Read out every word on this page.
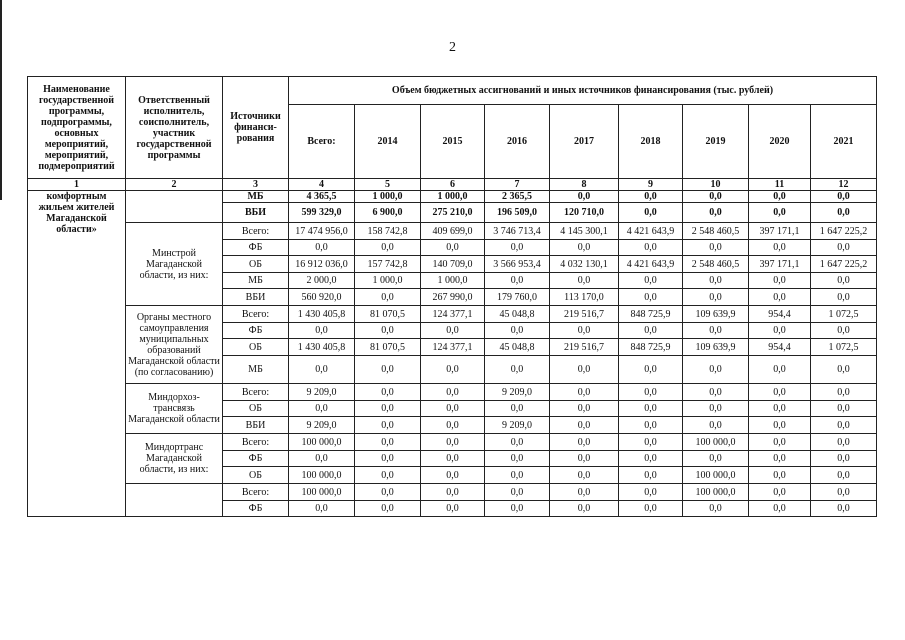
2
Наименование государственной программы, подпрограммы, основных мероприятий, мероприятий, подмероприятий	Ответственный исполнитель, соисполнитель, участник государственной программы	Источники финанси-рования	Объем бюджетных ассигнований и иных источников финансирования (тыс. рублей)								
			Всего:	2014	2015	2016	2017	2018	2019	2020	2021
1	2	3	4	5	6	7	8	9	10	11	12
комфортным жильем жителей Магаданской области»		МБ	4 365,5	1 000,0	1 000,0	2 365,5	0,0	0,0	0,0	0,0	0,0
		ВБИ	599 329,0	6 900,0	275 210,0	196 509,0	120 710,0	0,0	0,0	0,0	0,0
	Минстрой Магаданской области, из них:	Всего:	17 474 956,0	158 742,8	409 699,0	3 746 713,4	4 145 300,1	4 421 643,9	2 548 460,5	397 171,1	1 647 225,2
		ФБ	0,0	0,0	0,0	0,0	0,0	0,0	0,0	0,0	0,0
		ОБ	16 912 036,0	157 742,8	140 709,0	3 566 953,4	4 032 130,1	4 421 643,9	2 548 460,5	397 171,1	1 647 225,2
		МБ	2 000,0	1 000,0	1 000,0	0,0	0,0	0,0	0,0	0,0	0,0
		ВБИ	560 920,0	0,0	267 990,0	179 760,0	113 170,0	0,0	0,0	0,0	0,0
	Органы местного самоуправления муниципальных образований Магаданской области (по согласованию)	Всего:	1 430 405,8	81 070,5	124 377,1	45 048,8	219 516,7	848 725,9	109 639,9	954,4	1 072,5
		ФБ	0,0	0,0	0,0	0,0	0,0	0,0	0,0	0,0	0,0
		ОБ	1 430 405,8	81 070,5	124 377,1	45 048,8	219 516,7	848 725,9	109 639,9	954,4	1 072,5
		МБ	0,0	0,0	0,0	0,0	0,0	0,0	0,0	0,0	0,0
	Миндорхоз-трансвязь Магаданской области	Всего:	9 209,0	0,0	0,0	9 209,0	0,0	0,0	0,0	0,0	0,0
		ОБ	0,0	0,0	0,0	0,0	0,0	0,0	0,0	0,0	0,0
		ВБИ	9 209,0	0,0	0,0	9 209,0	0,0	0,0	0,0	0,0	0,0
	Миндортранс Магаданской области, из них:	Всего:	100 000,0	0,0	0,0	0,0	0,0	0,0	100 000,0	0,0	0,0
		ФБ	0,0	0,0	0,0	0,0	0,0	0,0	0,0	0,0	0,0
		ОБ	100 000,0	0,0	0,0	0,0	0,0	0,0	100 000,0	0,0	0,0
		Всего:	100 000,0	0,0	0,0	0,0	0,0	0,0	100 000,0	0,0	0,0
		ФБ	0,0	0,0	0,0	0,0	0,0	0,0	0,0	0,0	0,0
